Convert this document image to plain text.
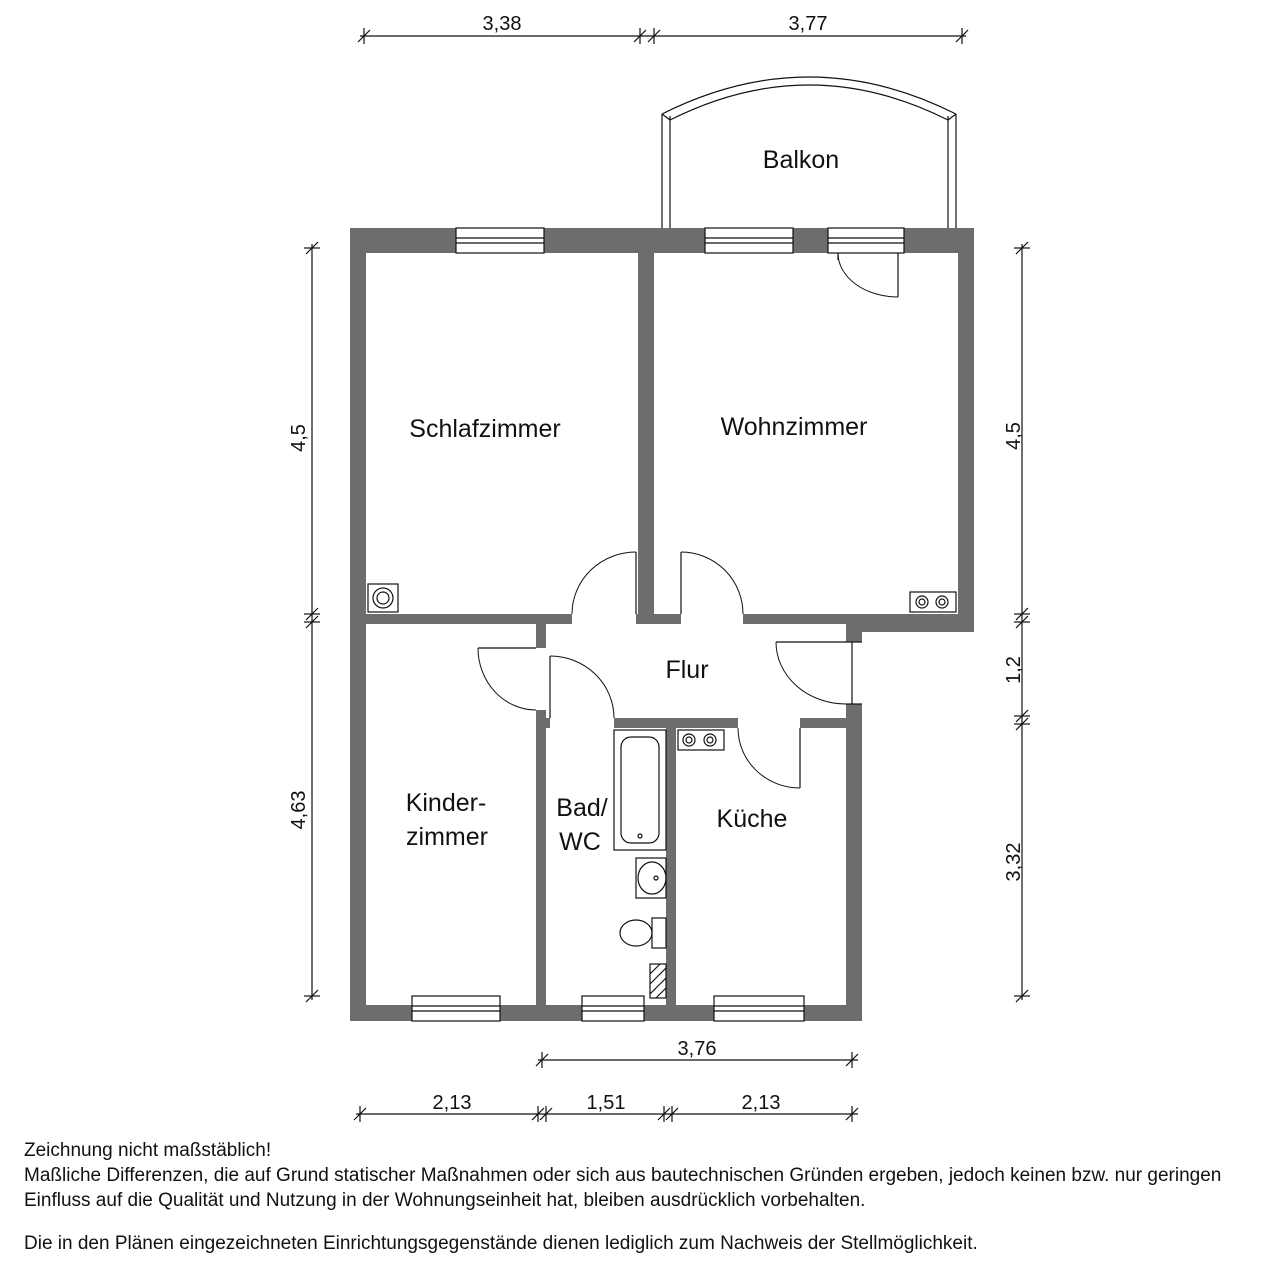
Balkon
Schlafzimmer	Wohnzimmer
Flur
Kinder-
zimmer
Bad/
WC
Küche
3,38	3,77
4,5
4,63
4,5
1,2
3,32
3,76
2,13	1,51	2,13

Zeichnung nicht maßstäblich!

Maßliche Differenzen, die auf Grund statischer Maßnahmen oder sich aus bautechnischen Gründen ergeben, jedoch keinen bzw. nur geringen Einfluss auf die Qualität und Nutzung in der Wohnungseinheit hat, bleiben ausdrücklich vorbehalten.

Die in den Plänen eingezeichneten Einrichtungsgegenstände dienen lediglich zum Nachweis der Stellmöglichkeit.
